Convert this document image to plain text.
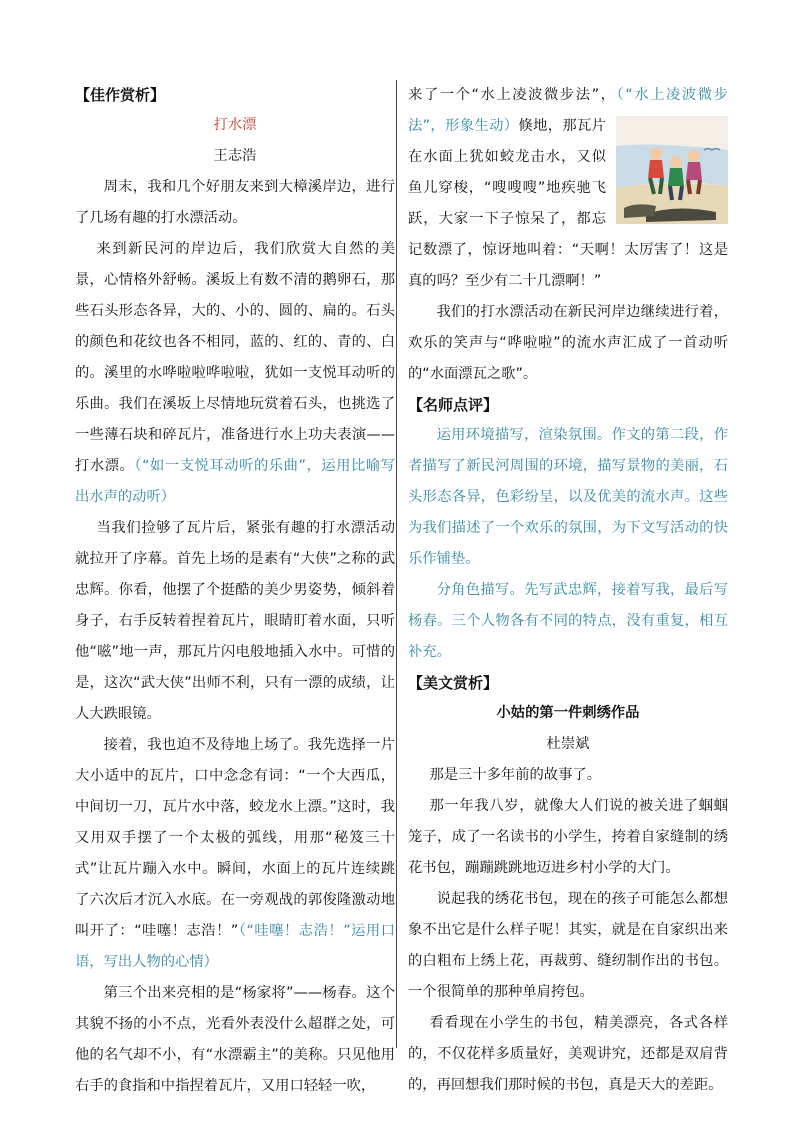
【佳作赏析】
打水漂
王志浩

周末，我和几个好朋友来到大樟溪岸边，进行了几场有趣的打水漂活动。

来到新民河的岸边后，我们欣赏大自然的美景，心情格外舒畅。溪坂上有数不清的鹅卵石，那些石头形态各异，大的、小的、圆的、扁的。石头的颜色和花纹也各不相同，蓝的、红的、青的、白的。溪里的水哗啦啦哗啦啦，犹如一支悦耳动听的乐曲。我们在溪坂上尽情地玩赏着石头，也挑选了一些薄石块和碎瓦片，准备进行水上功夫表演——打水漂。（“如一支悦耳动听的乐曲”，运用比喻写出水声的动听）

当我们捡够了瓦片后，紧张有趣的打水漂活动就拉开了序幕。首先上场的是素有“大侠”之称的武忠辉。你看，他摆了个挺酷的美少男姿势，倾斜着身子，右手反转着捏着瓦片，眼睛盯着水面，只听他“嗞”地一声，那瓦片闪电般地插入水中。可惜的是，这次“武大侠”出师不利，只有一漂的成绩，让人大跌眼镜。

接着，我也迫不及待地上场了。我先选择一片大小适中的瓦片，口中念念有词：“一个大西瓜，中间切一刀，瓦片水中落，蛟龙水上漂。”这时，我又用双手摆了一个太极的弧线，用那“秘笈三十式”让瓦片蹦入水中。瞬间，水面上的瓦片连续跳了六次后才沉入水底。在一旁观战的郭俊隆激动地叫开了：“哇噻！志浩！”（“哇噻！志浩！”运用口语，写出人物的心情）

第三个出来亮相的是“杨家将”——杨春。这个其貌不扬的小不点，光看外表没什么超群之处，可他的名气却不小，有“水漂霸主”的美称。只见他用右手的食指和中指捏着瓦片，又用口轻轻一吹，

来了一个“水上凌波微步法”，（“水上凌波微步法”，形象生动）
倏地，那瓦片在水面上犹如蛟龙击水，又似鱼儿穿梭，“嗖嗖嗖”地疾驰飞跃，大家一下子惊呆了，都忘记数漂了，惊讶地叫着：“天啊！太厉害了！这是真的吗？至少有二十几漂啊！”

我们的打水漂活动在新民河岸边继续进行着，欢乐的笑声与“哗啦啦”的流水声汇成了一首动听的“水面漂瓦之歌”。

【名师点评】

运用环境描写，渲染氛围。作文的第二段，作者描写了新民河周围的环境，描写景物的美丽，石头形态各异，色彩纷呈，以及优美的流水声。这些为我们描述了一个欢乐的氛围，为下文写活动的快乐作铺垫。

分角色描写。先写武忠辉，接着写我，最后写杨春。三个人物各有不同的特点，没有重复，相互补充。

【美文赏析】
小姑的第一件刺绣作品
杜崇斌

那是三十多年前的故事了。

那一年我八岁，就像大人们说的被关进了蝈蝈笼子，成了一名读书的小学生，挎着自家缝制的绣花书包，蹦蹦跳跳地迈进乡村小学的大门。

说起我的绣花书包，现在的孩子可能怎么都想象不出它是什么样子呢！其实，就是在自家织出来的白粗布上绣上花，再裁剪、缝纫制作出的书包。一个很简单的那种单肩挎包。

看看现在小学生的书包，精美漂亮，各式各样的，不仅花样多质量好，美观讲究，还都是双肩背的，再回想我们那时候的书包，真是天大的差距。
